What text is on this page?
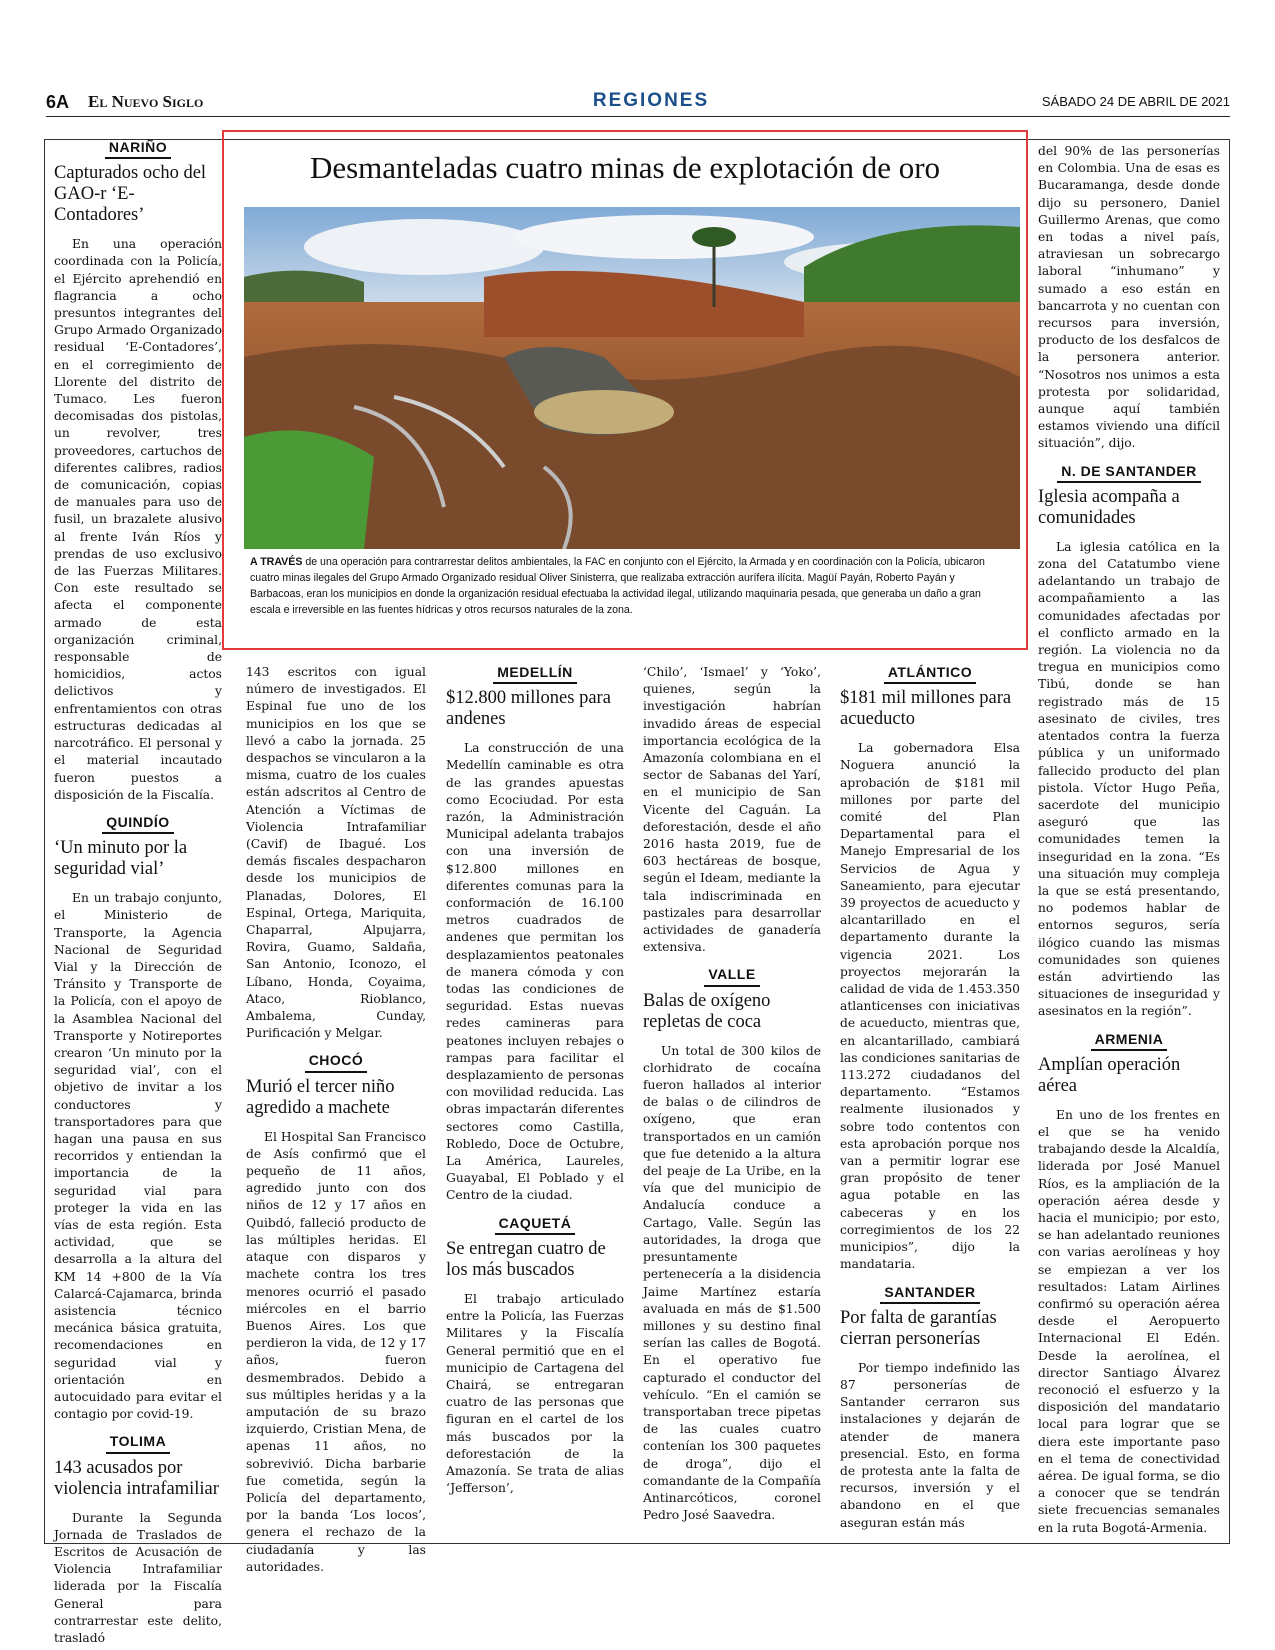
6A El Nuevo Siglo	REGIONES	SÁBADO 24 DE ABRIL DE 2021
Desmanteladas cuatro minas de explotación de oro
A TRAVÉS de una operación para contrarrestar delitos ambientales, la FAC en conjunto con el Ejército, la Armada y en coordinación con la Policía, ubicaron cuatro minas ilegales del Grupo Armado Organizado residual Oliver Sinisterra, que realizaba extracción aurífera ilícita. Magüí Payán, Roberto Payán y Barbacoas, eran los municipios en donde la organización residual efectuaba la actividad ilegal, utilizando maquinaria pesada, que generaba un daño a gran escala e irreversible en las fuentes hídricas y otros recursos naturales de la zona.
NARIÑO
Capturados ocho del GAO-r ‘E-Contadores’

En una operación coordinada con la Policía, el Ejército aprehendió en flagrancia a ocho presuntos integrantes del Grupo Armado Organizado residual ‘E-Contadores’, en el corregimiento de Llorente del distrito de Tumaco. Les fueron decomisadas dos pistolas, un revolver, tres proveedores, cartuchos de diferentes calibres, radios de comunicación, copias de manuales para uso de fusil, un brazalete alusivo al frente Iván Ríos y prendas de uso exclusivo de las Fuerzas Militares. Con este resultado se afecta el componente armado de esta organización criminal, responsable de homicidios, actos delictivos y enfrentamientos con otras estructuras dedicadas al narcotráfico. El personal y el material incautado fueron puestos a disposición de la Fiscalía.

QUINDÍO
‘Un minuto por la seguridad vial’

En un trabajo conjunto, el Ministerio de Transporte, la Agencia Nacional de Seguridad Vial y la Dirección de Tránsito y Transporte de la Policía, con el apoyo de la Asamblea Nacional del Transporte y Notireportes crearon ‘Un minuto por la seguridad vial’, con el objetivo de invitar a los conductores y transportadores para que hagan una pausa en sus recorridos y entiendan la importancia de la seguridad vial para proteger la vida en las vías de esta región. Esta actividad, que se desarrolla a la altura del KM 14 +800 de la Vía Calarcá-Cajamarca, brinda asistencia técnico mecánica básica gratuita, recomendaciones en seguridad vial y orientación en autocuidado para evitar el contagio por covid-19.

TOLIMA
143 acusados por violencia intrafamiliar

Durante la Segunda Jornada de Traslados de Escritos de Acusación de Violencia Intrafamiliar liderada por la Fiscalía General para contrarrestar este delito, trasladó

143 escritos con igual número de investigados. El Espinal fue uno de los municipios en los que se llevó a cabo la jornada. 25 despachos se vincularon a la misma, cuatro de los cuales están adscritos al Centro de Atención a Víctimas de Violencia Intrafamiliar (Cavif) de Ibagué. Los demás fiscales despacharon desde los municipios de Planadas, Dolores, El Espinal, Ortega, Mariquita, Chaparral, Alpujarra, Rovira, Guamo, Saldaña, San Antonio, Iconozo, el Líbano, Honda, Coyaima, Ataco, Rioblanco, Ambalema, Cunday, Purificación y Melgar.

CHOCÓ
Murió el tercer niño agredido a machete

El Hospital San Francisco de Asís confirmó que el pequeño de 11 años, agredido junto con dos niños de 12 y 17 años en Quibdó, falleció producto de las múltiples heridas. El ataque con disparos y machete contra los tres menores ocurrió el pasado miércoles en el barrio Buenos Aires. Los que perdieron la vida, de 12 y 17 años, fueron desmembrados. Debido a sus múltiples heridas y a la amputación de su brazo izquierdo, Cristian Mena, de apenas 11 años, no sobrevivió. Dicha barbarie fue cometida, según la Policía del departamento, por la banda ‘Los locos’, genera el rechazo de la ciudadanía y las autoridades.

MEDELLÍN
$12.800 millones para andenes

La construcción de una Medellín caminable es otra de las grandes apuestas como Ecociudad. Por esta razón, la Administración Municipal adelanta trabajos con una inversión de $12.800 millones en diferentes comunas para la conformación de 16.100 metros cuadrados de andenes que permitan los desplazamientos peatonales de manera cómoda y con todas las condiciones de seguridad. Estas nuevas redes camineras para peatones incluyen rebajes o rampas para facilitar el desplazamiento de personas con movilidad reducida. Las obras impactarán diferentes sectores como Castilla, Robledo, Doce de Octubre, La América, Laureles, Guayabal, El Poblado y el Centro de la ciudad.

CAQUETÁ
Se entregan cuatro de los más buscados

El trabajo articulado entre la Policía, las Fuerzas Militares y la Fiscalía General permitió que en el municipio de Cartagena del Chairá, se entregaran cuatro de las personas que figuran en el cartel de los más buscados por la deforestación de la Amazonía. Se trata de alias ‘Jefferson’,

‘Chilo’, ‘Ismael’ y ‘Yoko’, quienes, según la investigación habrían invadido áreas de especial importancia ecológica de la Amazonía colombiana en el sector de Sabanas del Yarí, en el municipio de San Vicente del Caguán. La deforestación, desde el año 2016 hasta 2019, fue de 603 hectáreas de bosque, según el Ideam, mediante la tala indiscriminada en pastizales para desarrollar actividades de ganadería extensiva.

VALLE
Balas de oxígeno repletas de coca

Un total de 300 kilos de clorhidrato de cocaína fueron hallados al interior de balas o de cilindros de oxígeno, que eran transportados en un camión que fue detenido a la altura del peaje de La Uribe, en la vía que del municipio de Andalucía conduce a Cartago, Valle. Según las autoridades, la droga que presuntamente pertenecería a la disidencia Jaime Martínez estaría avaluada en más de $1.500 millones y su destino final serían las calles de Bogotá. En el operativo fue capturado el conductor del vehículo. “En el camión se transportaban trece pipetas de las cuales cuatro contenían los 300 paquetes de droga”, dijo el comandante de la Compañía Antinarcóticos, coronel Pedro José Saavedra.

ATLÁNTICO
$181 mil millones para acueducto

La gobernadora Elsa Noguera anunció la aprobación de $181 mil millones por parte del comité del Plan Departamental para el Manejo Empresarial de los Servicios de Agua y Saneamiento, para ejecutar 39 proyectos de acueducto y alcantarillado en el departamento durante la vigencia 2021. Los proyectos mejorarán la calidad de vida de 1.453.350 atlanticenses con iniciativas de acueducto, mientras que, en alcantarillado, cambiará las condiciones sanitarias de 113.272 ciudadanos del departamento. “Estamos realmente ilusionados y sobre todo contentos con esta aprobación porque nos van a permitir lograr ese gran propósito de tener agua potable en las cabeceras y en los corregimientos de los 22 municipios”, dijo la mandataria.

SANTANDER
Por falta de garantías cierran personerías

Por tiempo indefinido las 87 personerías de Santander cerraron sus instalaciones y dejarán de atender de manera presencial. Esto, en forma de protesta ante la falta de recursos, inversión y el abandono en el que aseguran están más

del 90% de las personerías en Colombia. Una de esas es Bucaramanga, desde donde dijo su personero, Daniel Guillermo Arenas, que como en todas a nivel país, atraviesan un sobrecargo laboral “inhumano” y sumado a eso están en bancarrota y no cuentan con recursos para inversión, producto de los desfalcos de la personera anterior. “Nosotros nos unimos a esta protesta por solidaridad, aunque aquí también estamos viviendo una difícil situación”, dijo.

N. DE SANTANDER
Iglesia acompaña a comunidades

La iglesia católica en la zona del Catatumbo viene adelantando un trabajo de acompañamiento a las comunidades afectadas por el conflicto armado en la región. La violencia no da tregua en municipios como Tibú, donde se han registrado más de 15 asesinato de civiles, tres atentados contra la fuerza pública y un uniformado fallecido producto del plan pistola. Víctor Hugo Peña, sacerdote del municipio aseguró que las comunidades temen la inseguridad en la zona. “Es una situación muy compleja la que se está presentando, no podemos hablar de entornos seguros, sería ilógico cuando las mismas comunidades son quienes están advirtiendo las situaciones de inseguridad y asesinatos en la región”.

ARMENIA
Amplían operación aérea

En uno de los frentes en el que se ha venido trabajando desde la Alcaldía, liderada por José Manuel Ríos, es la ampliación de la operación aérea desde y hacia el municipio; por esto, se han adelantado reuniones con varias aerolíneas y hoy se empiezan a ver los resultados: Latam Airlines confirmó su operación aérea desde el Aeropuerto Internacional El Edén. Desde la aerolínea, el director Santiago Álvarez reconoció el esfuerzo y la disposición del mandatario local para lograr que se diera este importante paso en el tema de conectividad aérea. De igual forma, se dio a conocer que se tendrán siete frecuencias semanales en la ruta Bogotá-Armenia.
